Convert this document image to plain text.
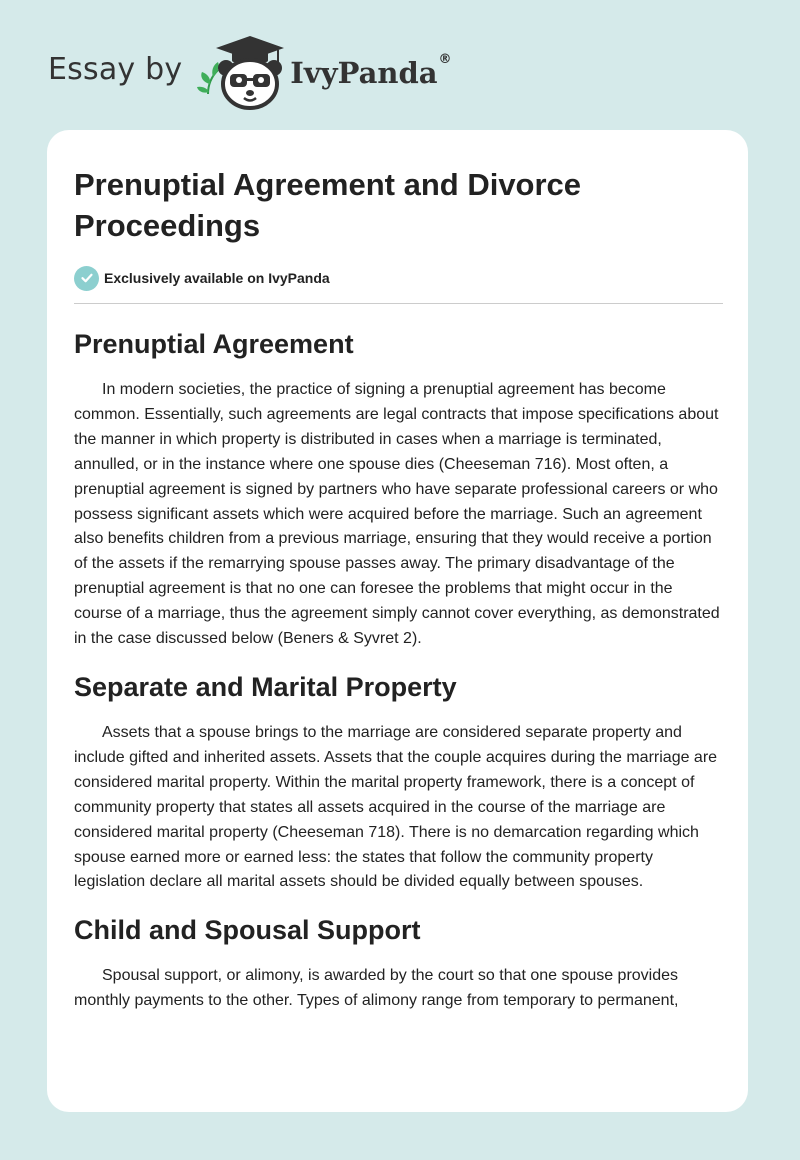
Essay by	IvyPanda®
Prenuptial Agreement and Divorce Proceedings
Exclusively available on IvyPanda
Prenuptial Agreement

In modern societies, the practice of signing a prenuptial agreement has become common. Essentially, such agreements are legal contracts that impose specifications about the manner in which property is distributed in cases when a marriage is terminated, annulled, or in the instance where one spouse dies (Cheeseman 716). Most often, a prenuptial agreement is signed by partners who have separate professional careers or who possess significant assets which were acquired before the marriage. Such an agreement also benefits children from a previous marriage, ensuring that they would receive a portion of the assets if the remarrying spouse passes away. The primary disadvantage of the prenuptial agreement is that no one can foresee the problems that might occur in the course of a marriage, thus the agreement simply cannot cover everything, as demonstrated in the case discussed below (Beners & Syvret 2).

Separate and Marital Property

Assets that a spouse brings to the marriage are considered separate property and include gifted and inherited assets. Assets that the couple acquires during the marriage are considered marital property. Within the marital property framework, there is a concept of community property that states all assets acquired in the course of the marriage are considered marital property (Cheeseman 718). There is no demarcation regarding which spouse earned more or earned less: the states that follow the community property legislation declare all marital assets should be divided equally between spouses.

Child and Spousal Support

Spousal support, or alimony, is awarded by the court so that one spouse provides monthly payments to the other. Types of alimony range from temporary to permanent,
